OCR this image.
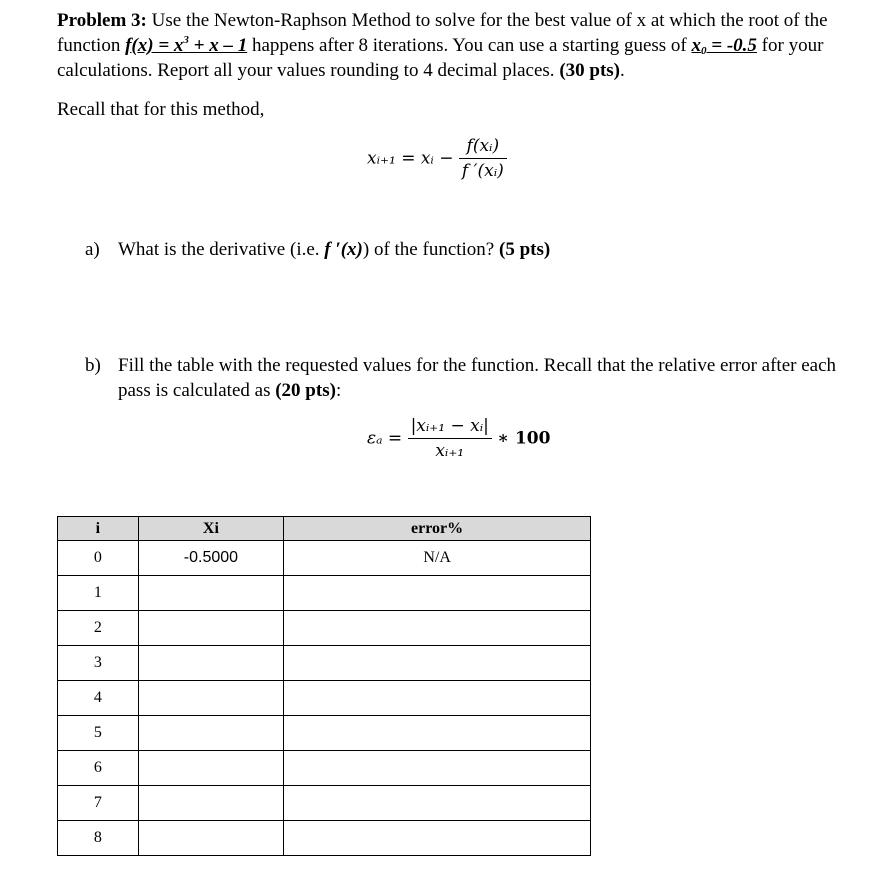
Problem 3: Use the Newton-Raphson Method to solve for the best value of x at which the root of the function $f(x) = x^3 + x - 1$ happens after 8 iterations. You can use a starting guess of $x_0 = -0.5$ for your calculations. Report all your values rounding to 4 decimal places. (30 pts).
Recall that for this method,
xᵢ₊₁ = xᵢ − $\frac{\text{f(xᵢ)}}{\text{f ′(xᵢ)}}$
a) What is the derivative (i.e. f ′(x)) of the function? (5 pts)
b) Fill the table with the requested values for the function. Recall that the relative error after each pass is calculated as (20 pts):
$\varepsilon_a = \frac{\text{|xᵢ₊₁ − xᵢ|}}{\text{xᵢ₊₁}}$ ∗ 100
i	Xi	error%
0	-0.5000	N/A
1		
2		
3		
4		
5		
6		
7		
8		
